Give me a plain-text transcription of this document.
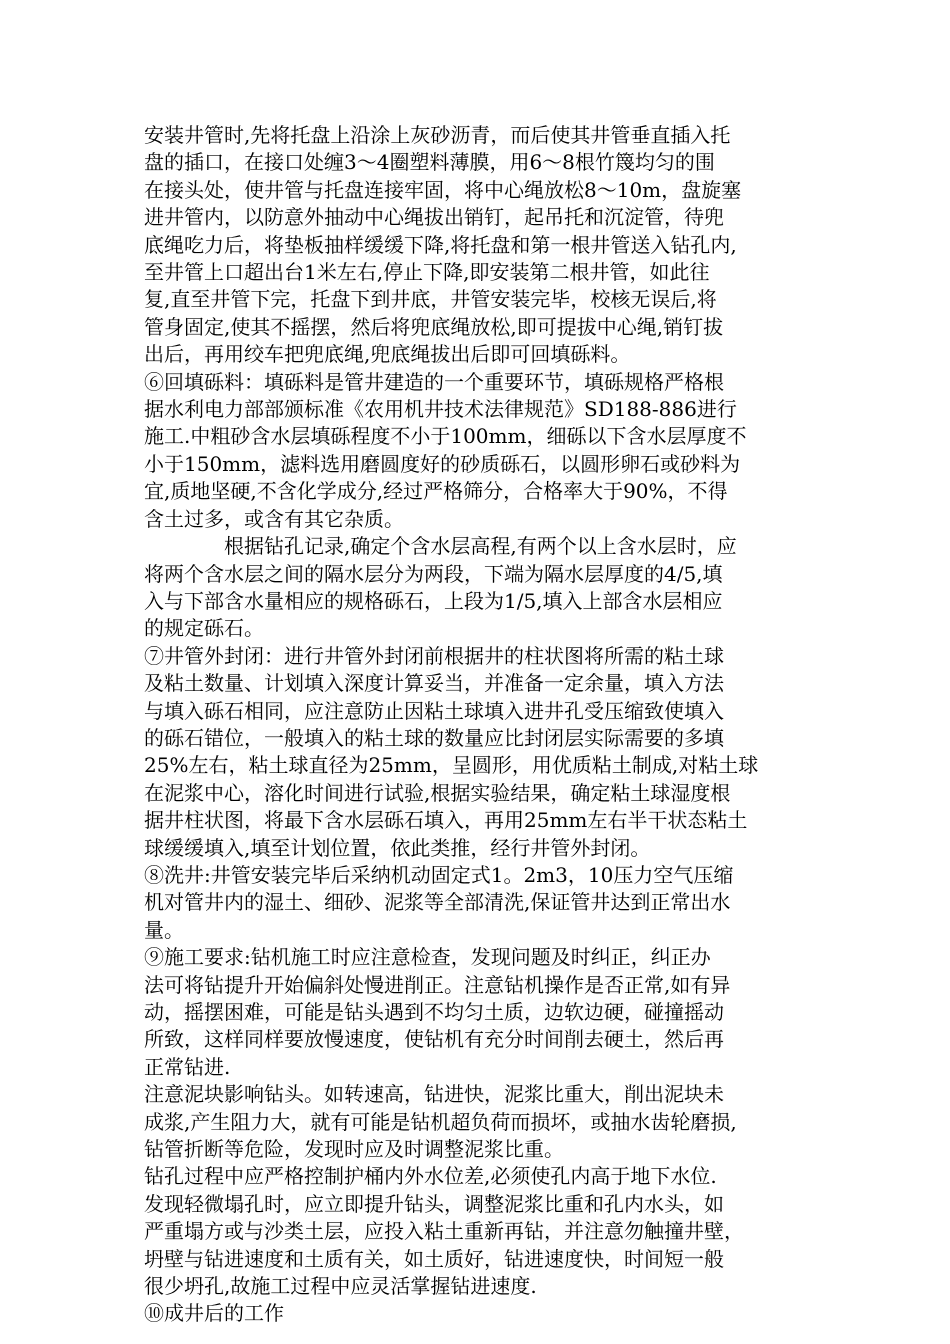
安装井管时,先将托盘上沿涂上灰砂沥青，而后使其井管垂直插入托
盘的插口，在接口处缠3～4圈塑料薄膜，用6～8根竹篾均匀的围
在接头处，使井管与托盘连接牢固，将中心绳放松8～10m，盘旋塞
进井管内，以防意外抽动中心绳拔出销钉，起吊托和沉淀管，待兜
底绳吃力后，将垫板抽样缓缓下降,将托盘和第一根井管送入钻孔内,
至井管上口超出台1米左右,停止下降,即安装第二根井管，如此往
复,直至井管下完，托盘下到井底，井管安装完毕，校核无误后,将
管身固定,使其不摇摆，然后将兜底绳放松,即可提拔中心绳,销钉拔
出后，再用绞车把兜底绳,兜底绳拔出后即可回填砾料。

⑥回填砾料：填砾料是管井建造的一个重要环节，填砾规格严格根
据水利电力部部颁标准《农用机井技术法律规范》SD188-886进行
施工.中粗砂含水层填砾程度不小于100mm，细砾以下含水层厚度不
小于150mm，滤料选用磨圆度好的砂质砾石，以圆形卵石或砂料为
宜,质地坚硬,不含化学成分,经过严格筛分，合格率大于90%，不得
含土过多，或含有其它杂质。

根据钻孔记录,确定个含水层高程,有两个以上含水层时，应
将两个含水层之间的隔水层分为两段，下端为隔水层厚度的4/5,填
入与下部含水量相应的规格砾石，上段为1/5,填入上部含水层相应
的规定砾石。

⑦井管外封闭：进行井管外封闭前根据井的柱状图将所需的粘土球
及粘土数量、计划填入深度计算妥当，并准备一定余量，填入方法
与填入砾石相同，应注意防止因粘土球填入进井孔受压缩致使填入
的砾石错位，一般填入的粘土球的数量应比封闭层实际需要的多填
25%左右，粘土球直径为25mm，呈圆形，用优质粘土制成,对粘土球
在泥浆中心，溶化时间进行试验,根据实验结果，确定粘土球湿度根
据井柱状图，将最下含水层砾石填入，再用25mm左右半干状态粘土
球缓缓填入,填至计划位置，依此类推，经行井管外封闭。

⑧洗井:井管安装完毕后采纳机动固定式1。2m3，10压力空气压缩
机对管井内的湿土、细砂、泥浆等全部清洗,保证管井达到正常出水
量。

⑨施工要求:钻机施工时应注意检查，发现问题及时纠正，纠正办
法可将钻提升开始偏斜处慢进削正。注意钻机操作是否正常,如有异
动，摇摆困难，可能是钻头遇到不均匀土质，边软边硬，碰撞摇动
所致，这样同样要放慢速度，使钻机有充分时间削去硬土，然后再
正常钻进.

注意泥块影响钻头。如转速高，钻进快，泥浆比重大，削出泥块未
成浆,产生阻力大，就有可能是钻机超负荷而损坏，或抽水齿轮磨损,
钻管折断等危险，发现时应及时调整泥浆比重。

钻孔过程中应严格控制护桶内外水位差,必须使孔内高于地下水位.
发现轻微塌孔时，应立即提升钻头，调整泥浆比重和孔内水头，如
严重塌方或与沙类土层，应投入粘土重新再钻，并注意勿触撞井壁，
坍壁与钻进速度和土质有关，如土质好，钻进速度快，时间短一般
很少坍孔,故施工过程中应灵活掌握钻进速度.

⑩成井后的工作
